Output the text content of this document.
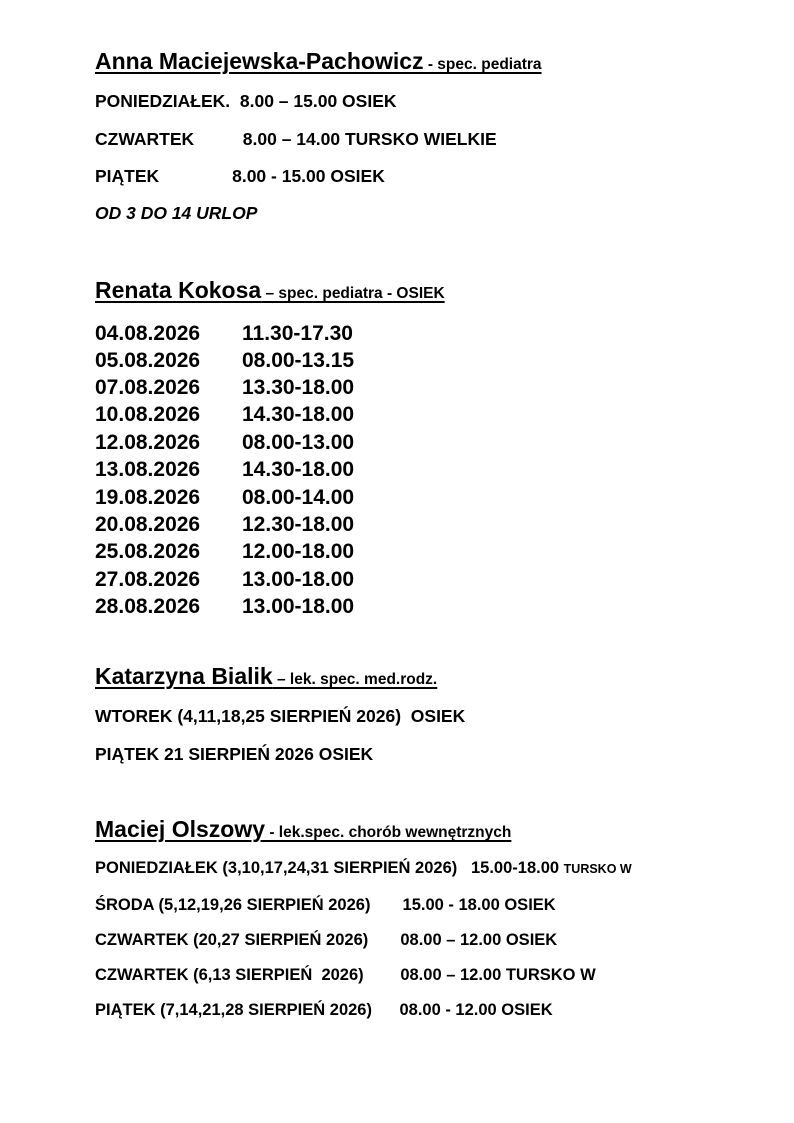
Anna Maciejewska-Pachowicz - spec. pediatra
PONIEDZIAŁEK.  8.00 – 15.00 OSIEK
CZWARTEK          8.00 – 14.00 TURSKO WIELKIE
PIĄTEK               8.00 - 15.00 OSIEK
OD 3 DO 14 URLOP
Renata Kokosa – spec. pediatra - OSIEK
04.08.2026 11.30-17.30
05.08.2026 08.00-13.15
07.08.2026 13.30-18.00
10.08.2026 14.30-18.00
12.08.2026 08.00-13.00
13.08.2026 14.30-18.00
19.08.2026 08.00-14.00
20.08.2026 12.30-18.00
25.08.2026 12.00-18.00
27.08.2026 13.00-18.00
28.08.2026 13.00-18.00
Katarzyna Bialik – lek. spec. med.rodz.
WTOREK (4,11,18,25 SIERPIEŃ 2026)  OSIEK
PIĄTEK 21 SIERPIEŃ 2026 OSIEK
Maciej Olszowy - lek.spec. chorób wewnętrznych
PONIEDZIAŁEK (3,10,17,24,31 SIERPIEŃ 2026)   15.00-18.00 TURSKO W
ŚRODA (5,12,19,26 SIERPIEŃ 2026)       15.00 - 18.00 OSIEK
CZWARTEK (20,27 SIERPIEŃ 2026)       08.00 – 12.00 OSIEK
CZWARTEK (6,13 SIERPIEŃ  2026)        08.00 – 12.00 TURSKO W
PIĄTEK (7,14,21,28 SIERPIEŃ 2026)      08.00 - 12.00 OSIEK
